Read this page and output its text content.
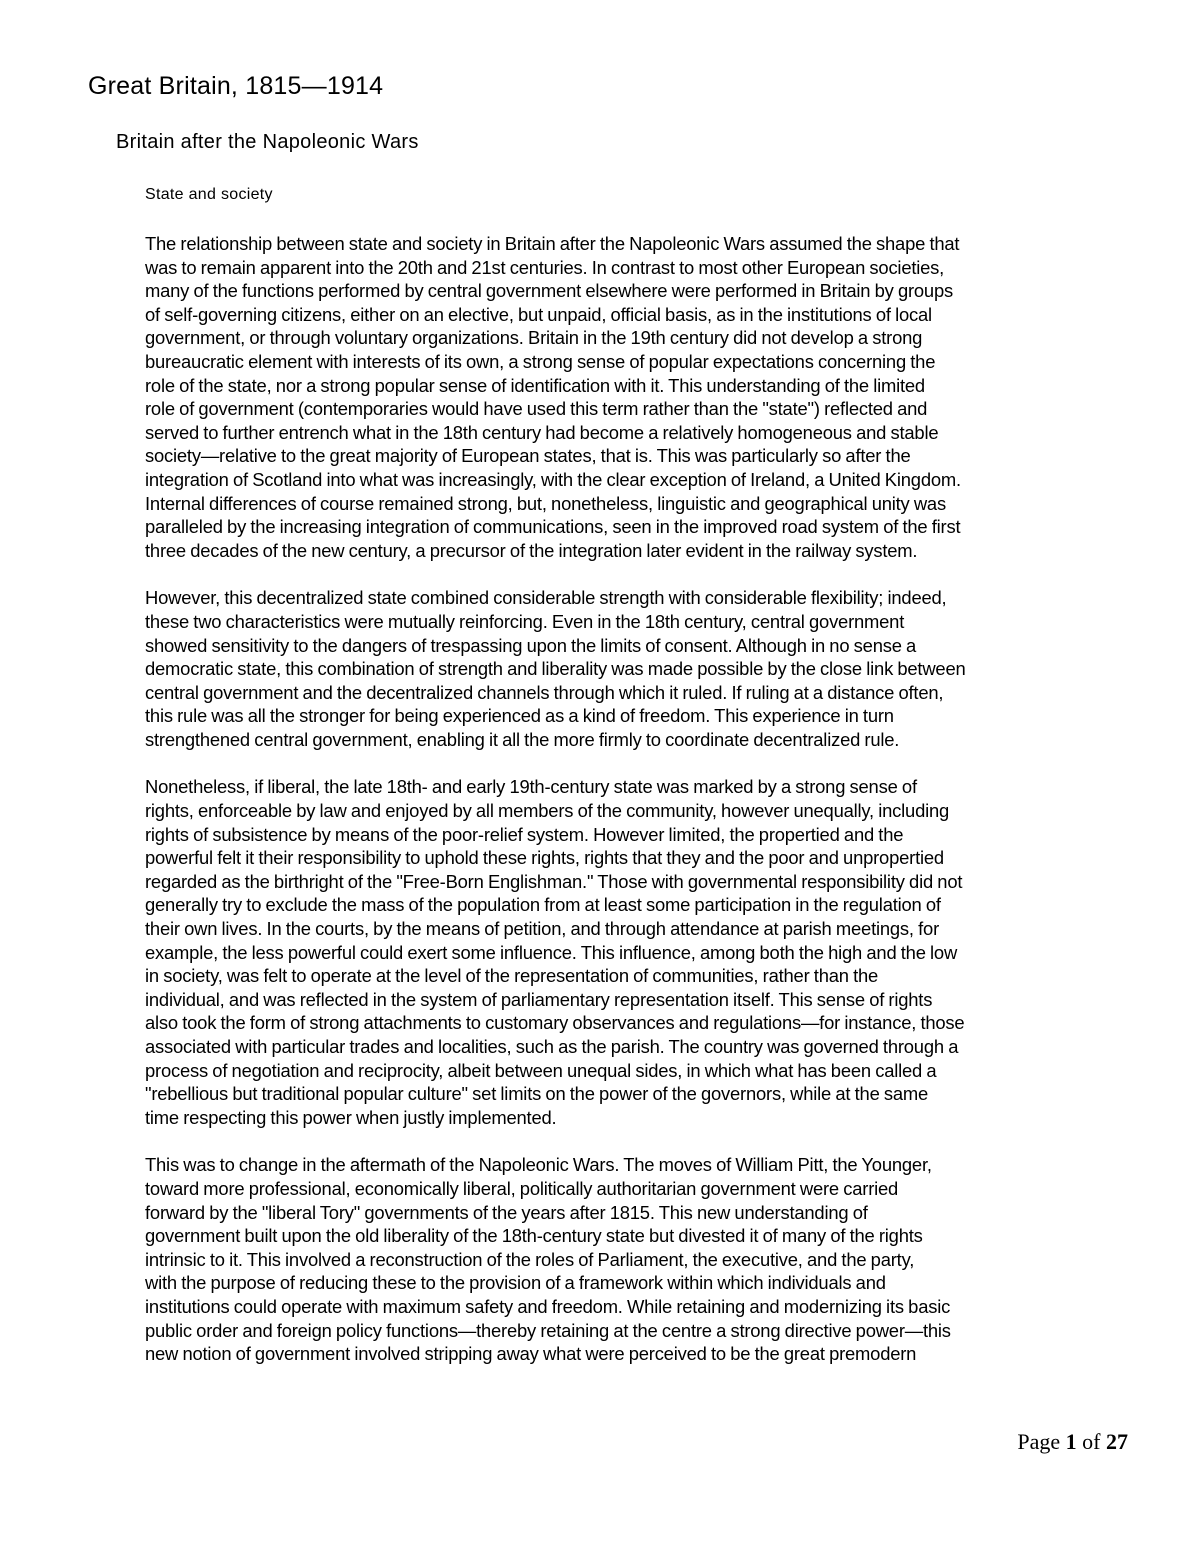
Great Britain, 1815—1914
Britain after the Napoleonic Wars
State and society
The relationship between state and society in Britain after the Napoleonic Wars assumed the shape that
was to remain apparent into the 20th and 21st centuries. In contrast to most other European societies,
many of the functions performed by central government elsewhere were performed in Britain by groups
of self-governing citizens, either on an elective, but unpaid, official basis, as in the institutions of local
government, or through voluntary organizations. Britain in the 19th century did not develop a strong
bureaucratic element with interests of its own, a strong sense of popular expectations concerning the
role of the state, nor a strong popular sense of identification with it. This understanding of the limited
role of government (contemporaries would have used this term rather than the "state") reflected and
served to further entrench what in the 18th century had become a relatively homogeneous and stable
society—relative to the great majority of European states, that is. This was particularly so after the
integration of Scotland into what was increasingly, with the clear exception of Ireland, a United Kingdom.
Internal differences of course remained strong, but, nonetheless, linguistic and geographical unity was
paralleled by the increasing integration of communications, seen in the improved road system of the first
three decades of the new century, a precursor of the integration later evident in the railway system.
However, this decentralized state combined considerable strength with considerable flexibility; indeed,
these two characteristics were mutually reinforcing. Even in the 18th century, central government
showed sensitivity to the dangers of trespassing upon the limits of consent. Although in no sense a
democratic state, this combination of strength and liberality was made possible by the close link between
central government and the decentralized channels through which it ruled. If ruling at a distance often,
this rule was all the stronger for being experienced as a kind of freedom. This experience in turn
strengthened central government, enabling it all the more firmly to coordinate decentralized rule.
Nonetheless, if liberal, the late 18th- and early 19th-century state was marked by a strong sense of
rights, enforceable by law and enjoyed by all members of the community, however unequally, including
rights of subsistence by means of the poor-relief system. However limited, the propertied and the
powerful felt it their responsibility to uphold these rights, rights that they and the poor and unpropertied
regarded as the birthright of the "Free-Born Englishman." Those with governmental responsibility did not
generally try to exclude the mass of the population from at least some participation in the regulation of
their own lives. In the courts, by the means of petition, and through attendance at parish meetings, for
example, the less powerful could exert some influence. This influence, among both the high and the low
in society, was felt to operate at the level of the representation of communities, rather than the
individual, and was reflected in the system of parliamentary representation itself. This sense of rights
also took the form of strong attachments to customary observances and regulations—for instance, those
associated with particular trades and localities, such as the parish. The country was governed through a
process of negotiation and reciprocity, albeit between unequal sides, in which what has been called a
"rebellious but traditional popular culture" set limits on the power of the governors, while at the same
time respecting this power when justly implemented.
This was to change in the aftermath of the Napoleonic Wars. The moves of William Pitt, the Younger,
toward more professional, economically liberal, politically authoritarian government were carried
forward by the "liberal Tory" governments of the years after 1815. This new understanding of
government built upon the old liberality of the 18th-century state but divested it of many of the rights
intrinsic to it. This involved a reconstruction of the roles of Parliament, the executive, and the party,
with the purpose of reducing these to the provision of a framework within which individuals and
institutions could operate with maximum safety and freedom. While retaining and modernizing its basic
public order and foreign policy functions—thereby retaining at the centre a strong directive power—this
new notion of government involved stripping away what were perceived to be the great premodern
Page 1 of 27
